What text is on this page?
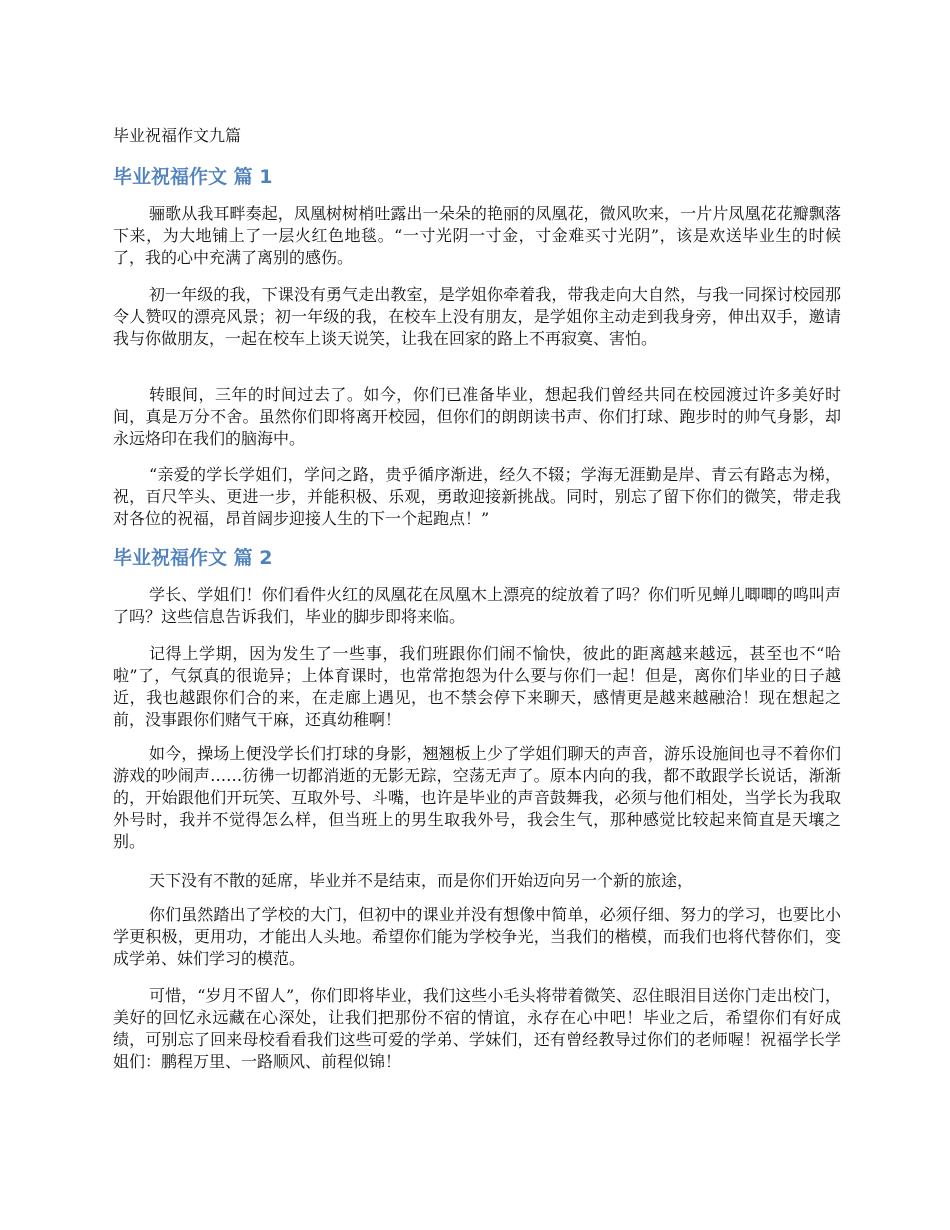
毕业祝福作文九篇
毕业祝福作文 篇 1

骊歌从我耳畔奏起，凤凰树树梢吐露出一朵朵的艳丽的凤凰花，微风吹来，一片片凤凰花花瓣飘落下来，为大地铺上了一层火红色地毯。“一寸光阴一寸金，寸金难买寸光阴”，该是欢送毕业生的时候了，我的心中充满了离别的感伤。

初一年级的我，下课没有勇气走出教室，是学姐你牵着我，带我走向大自然，与我一同探讨校园那令人赞叹的漂亮风景；初一年级的我，在校车上没有朋友，是学姐你主动走到我身旁，伸出双手，邀请我与你做朋友，一起在校车上谈天说笑，让我在回家的路上不再寂寞、害怕。

转眼间，三年的时间过去了。如今，你们已准备毕业，想起我们曾经共同在校园渡过许多美好时间，真是万分不舍。虽然你们即将离开校园，但你们的朗朗读书声、你们打球、跑步时的帅气身影，却永远烙印在我们的脑海中。

“亲爱的学长学姐们，学问之路，贵乎循序渐进，经久不辍；学海无涯勤是岸、青云有路志为梯，祝，百尺竿头、更进一步，并能积极、乐观，勇敢迎接新挑战。同时，别忘了留下你们的微笑，带走我对各位的祝福，昂首阔步迎接人生的下一个起跑点！”

毕业祝福作文 篇 2

学长、学姐们！你们看件火红的凤凰花在凤凰木上漂亮的绽放着了吗？你们听见蝉儿唧唧的鸣叫声了吗？这些信息告诉我们，毕业的脚步即将来临。

记得上学期，因为发生了一些事，我们班跟你们闹不愉快，彼此的距离越来越远，甚至也不“哈啦”了，气氛真的很诡异；上体育课时，也常常抱怨为什么要与你们一起！但是，离你们毕业的日子越近，我也越跟你们合的来，在走廊上遇见，也不禁会停下来聊天，感情更是越来越融洽！现在想起之前，没事跟你们赌气干麻，还真幼稚啊！

如今，操场上便没学长们打球的身影，翘翘板上少了学姐们聊天的声音，游乐设施间也寻不着你们游戏的吵闹声……彷彿一切都消逝的无影无踪，空荡无声了。原本内向的我，都不敢跟学长说话，渐渐的，开始跟他们开玩笑、互取外号、斗嘴，也许是毕业的声音鼓舞我，必须与他们相处，当学长为我取外号时，我并不觉得怎么样，但当班上的男生取我外号，我会生气，那种感觉比较起来简直是天壤之别。

天下没有不散的延席，毕业并不是结束，而是你们开始迈向另一个新的旅途，

你们虽然踏出了学校的大门，但初中的课业并没有想像中简单，必须仔细、努力的学习，也要比小学更积极，更用功，才能出人头地。希望你们能为学校争光，当我们的楷模，而我们也将代替你们，变成学弟、妹们学习的模范。

可惜，“岁月不留人”，你们即将毕业，我们这些小毛头将带着微笑、忍住眼泪目送你门走出校门，美好的回忆永远藏在心深处，让我们把那份不宿的情谊，永存在心中吧！毕业之后，希望你们有好成绩，可别忘了回来母校看看我们这些可爱的学弟、学妹们，还有曾经教导过你们的老师喔！祝福学长学姐们：鹏程万里、一路顺风、前程似锦！
